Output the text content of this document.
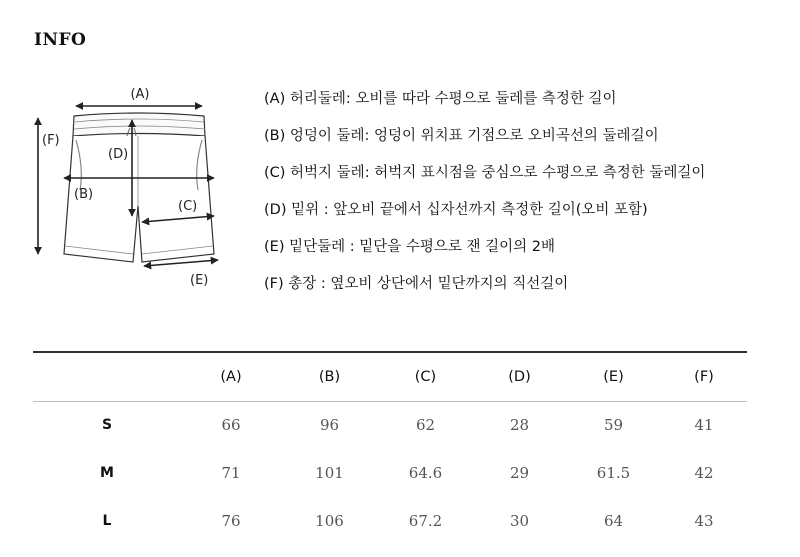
INFO
(A)
(F)
(D)
(B)
(C)
(E)
(A) 허리둘레: 오비를 따라 수평으로 둘레를 측정한 길이
(B) 엉덩이 둘레: 엉덩이 위치표 기점으로 오비곡선의 둘레길이
(C) 허벅지 둘레: 허벅지 표시점을 중심으로 수평으로 측정한 둘레길이
(D) 밑위 : 앞오비 끝에서 십자선까지 측정한 길이(오비 포함)
(E) 밑단둘레 : 밑단을 수평으로 잰 길이의 2배
(F) 총장 : 옆오비 상단에서 밑단까지의 직선길이
	(A)	(B)	(C)	(D)	(E)	(F)
S	66	96	62	28	59	41
M	71	101	64.6	29	61.5	42
L	76	106	67.2	30	64	43
